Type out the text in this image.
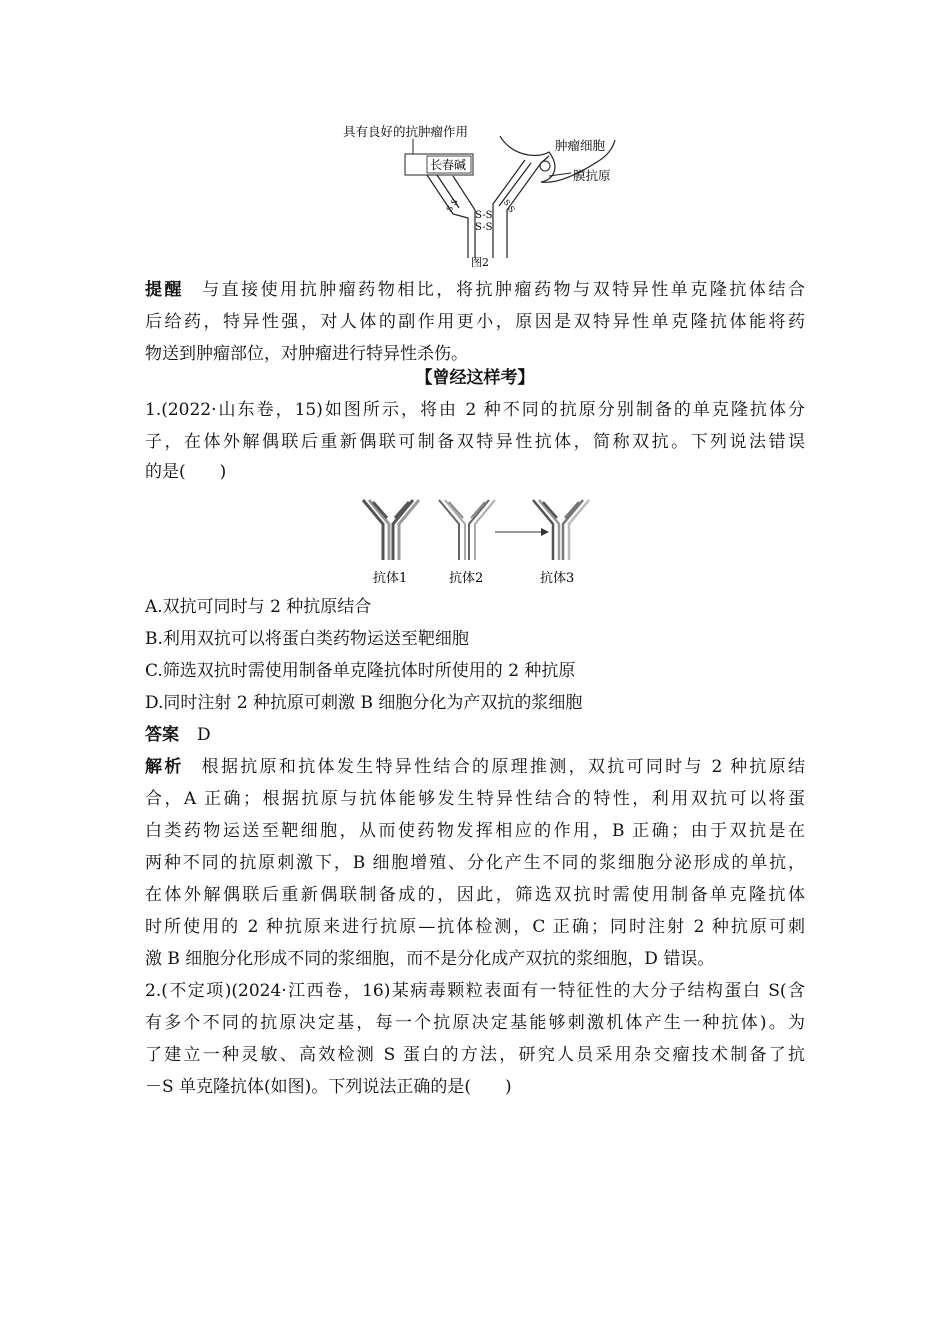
具有良好的抗肿瘤作用
长春碱
S S	S S
S-S
S-S
肿瘤细胞
膜抗原
图2
提醒 与直接使用抗肿瘤药物相比，将抗肿瘤药物与双特异性单克隆抗体结合
后给药，特异性强，对人体的副作用更小，原因是双特异性单克隆抗体能将药
物送到肿瘤部位，对肿瘤进行特异性杀伤。
【曾经这样考】
1.(2022·山东卷，15)如图所示，将由 2 种不同的抗原分别制备的单克隆抗体分
子，在体外解偶联后重新偶联可制备双特异性抗体，简称双抗。下列说法错误
的是(　　)
抗体1	抗体2	抗体3
A.双抗可同时与 2 种抗原结合
B.利用双抗可以将蛋白类药物运送至靶细胞
C.筛选双抗时需使用制备单克隆抗体时所使用的 2 种抗原
D.同时注射 2 种抗原可刺激 B 细胞分化为产双抗的浆细胞
答案 D
解析 根据抗原和抗体发生特异性结合的原理推测，双抗可同时与 2 种抗原结
合，A 正确；根据抗原与抗体能够发生特异性结合的特性，利用双抗可以将蛋
白类药物运送至靶细胞，从而使药物发挥相应的作用，B 正确；由于双抗是在
两种不同的抗原刺激下，B 细胞增殖、分化产生不同的浆细胞分泌形成的单抗，
在体外解偶联后重新偶联制备成的，因此，筛选双抗时需使用制备单克隆抗体
时所使用的 2 种抗原来进行抗原—抗体检测，C 正确；同时注射 2 种抗原可刺
激 B 细胞分化形成不同的浆细胞，而不是分化成产双抗的浆细胞，D 错误。
2.(不定项)(2024·江西卷，16)某病毒颗粒表面有一特征性的大分子结构蛋白 S(含
有多个不同的抗原决定基，每一个抗原决定基能够刺激机体产生一种抗体)。为
了建立一种灵敏、高效检测 S 蛋白的方法，研究人员采用杂交瘤技术制备了抗
－S 单克隆抗体(如图)。下列说法正确的是(　　)
